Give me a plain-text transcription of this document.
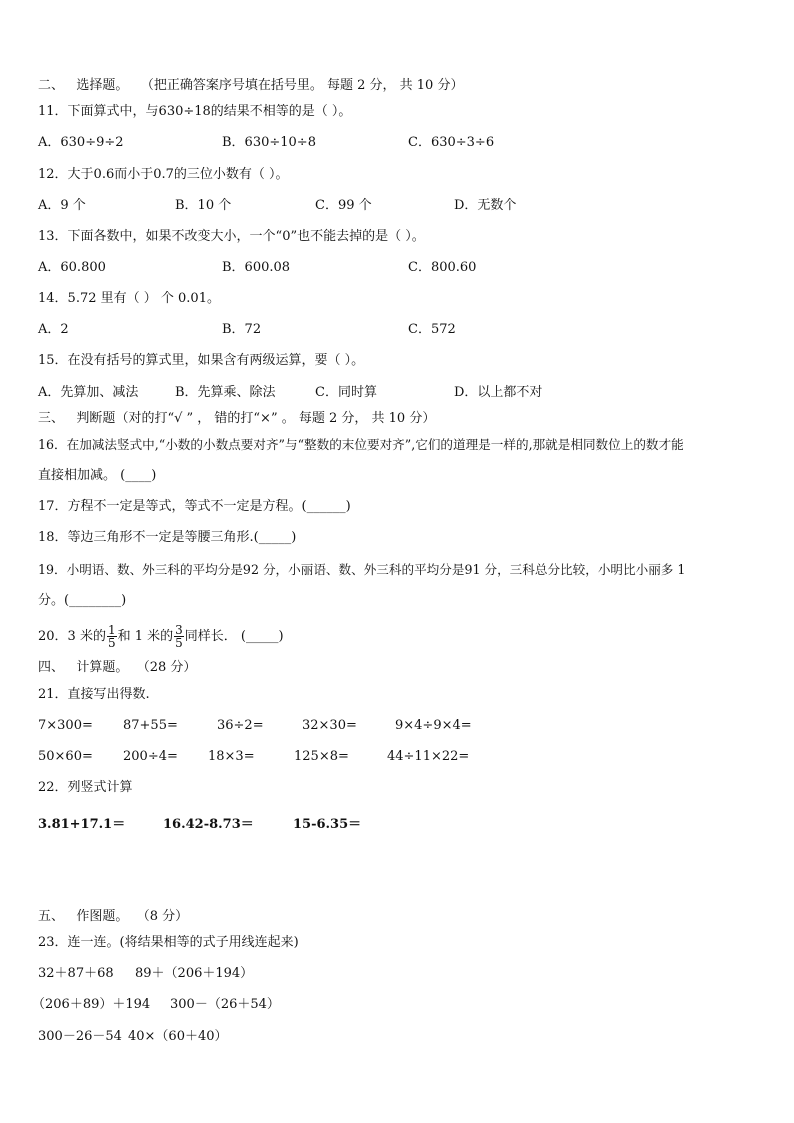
二、 选择题。 （把正确答案序号填在括号里。 每题 2 分， 共 10 分）
11．下面算式中，与630÷18的结果不相等的是（ ）。
A．630÷9÷2	B．630÷10÷8	C．630÷3÷6
12．大于0.6而小于0.7的三位小数有（ ）。
A．9 个	B．10 个	C．99 个	D．无数个
13．下面各数中，如果不改变大小，一个“0”也不能去掉的是（ ）。
A．60.800	B．600.08	C．800.60
14．5.72 里有（ ） 个 0.01。
A．2	B．72	C．572
15．在没有括号的算式里，如果含有两级运算，要（ ）。
A．先算加、减法	B．先算乘、除法	C．同时算	D．以上都不对
三、 判断题（对的打“√ ” ， 错的打“×” 。 每题 2 分， 共 10 分）
16．在加减法竖式中,“小数的小数点要对齐”与“整数的末位要对齐”,它们的道理是一样的,那就是相同数位上的数才能
直接相加减。 (____)
17．方程不一定是等式，等式不一定是方程。(______)
18．等边三角形不一定是等腰三角形.(_____)
19．小明语、数、外三科的平均分是92 分，小丽语、数、外三科的平均分是91 分，三科总分比较，小明比小丽多 1
分。(________)
20．3 米的 $\frac{1}{5}$ 和 1 米的 $\frac{3}{5}$ 同样长． (_____)
四、 计算题。 （28 分）
21．直接写出得数.
7×300= 87+55=	36÷2=	32×30=	9×4÷9×4=
50×60= 200÷4= 18×3=	125×8=	44÷11×22=
22．列竖式计算
3.81+17.1＝	16.42-8.73＝	15-6.35＝
五、 作图题。 （8 分）
23．连一连。(将结果相等的式子用线连起来)
32＋87＋68 89＋（206＋194）
（206＋89）＋194 300－（26＋54）
300－26－54 40×（60＋40）
